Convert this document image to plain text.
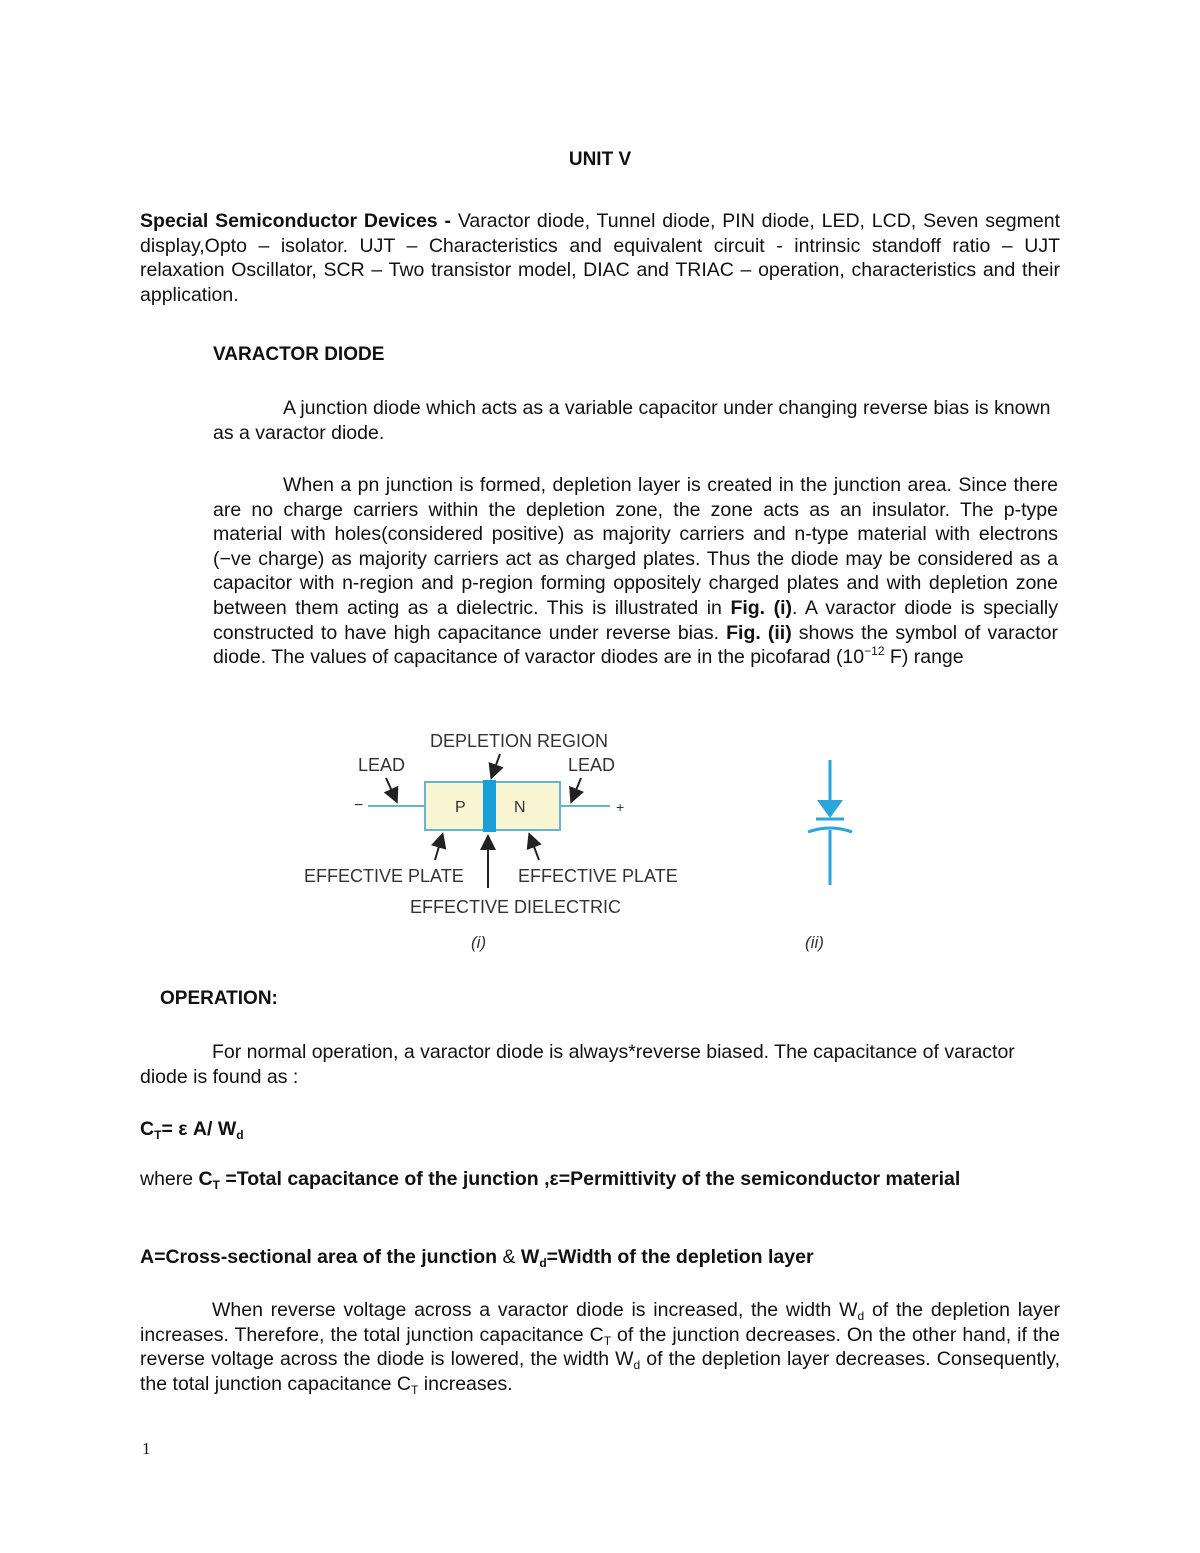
UNIT V

Special Semiconductor Devices - Varactor diode, Tunnel diode, PIN diode, LED, LCD, Seven segment display,Opto – isolator. UJT – Characteristics and equivalent circuit - intrinsic standoff ratio – UJT relaxation Oscillator, SCR – Two transistor model, DIAC and TRIAC – operation, characteristics and their application.

VARACTOR DIODE

A junction diode which acts as a variable capacitor under changing reverse bias is known as a varactor diode.

When a pn junction is formed, depletion layer is created in the junction area. Since there are no charge carriers within the depletion zone, the zone acts as an insulator. The p-type material with holes(considered positive) as majority carriers and n-type material with electrons (−ve charge) as majority carriers act as charged plates. Thus the diode may be considered as a capacitor with n-region and p-region forming oppositely charged plates and with depletion zone between them acting as a dielectric. This is illustrated in Fig. (i). A varactor diode is specially constructed to have high capacitance under reverse bias. Fig. (ii) shows the symbol of varactor diode. The values of capacitance of varactor diodes are in the picofarad ($10^{-12}$ F) range

P	N
−	+
DEPLETION REGION
LEAD	LEAD
EFFECTIVE PLATE	EFFECTIVE PLATE
EFFECTIVE DIELECTRIC
(i)	(ii)
OPERATION:

For normal operation, a varactor diode is always*reverse biased. The capacitance of varactor diode is found as :

$C_T= \varepsilon$ A/ $W_d$

where $C_T$ =Total capacitance of the junction ,ε=Permittivity of the semiconductor material

A=Cross-sectional area of the junction & $W_d=Width$ of the depletion layer

When reverse voltage across a varactor diode is increased, the width $W_d$ of the depletion layer increases. Therefore, the total junction capacitance $C_T$ of the junction decreases. On the other hand, if the reverse voltage across the diode is lowered, the width $W_d$ of the depletion layer decreases. Consequently, the total junction capacitance $C_T$ increases.

1
